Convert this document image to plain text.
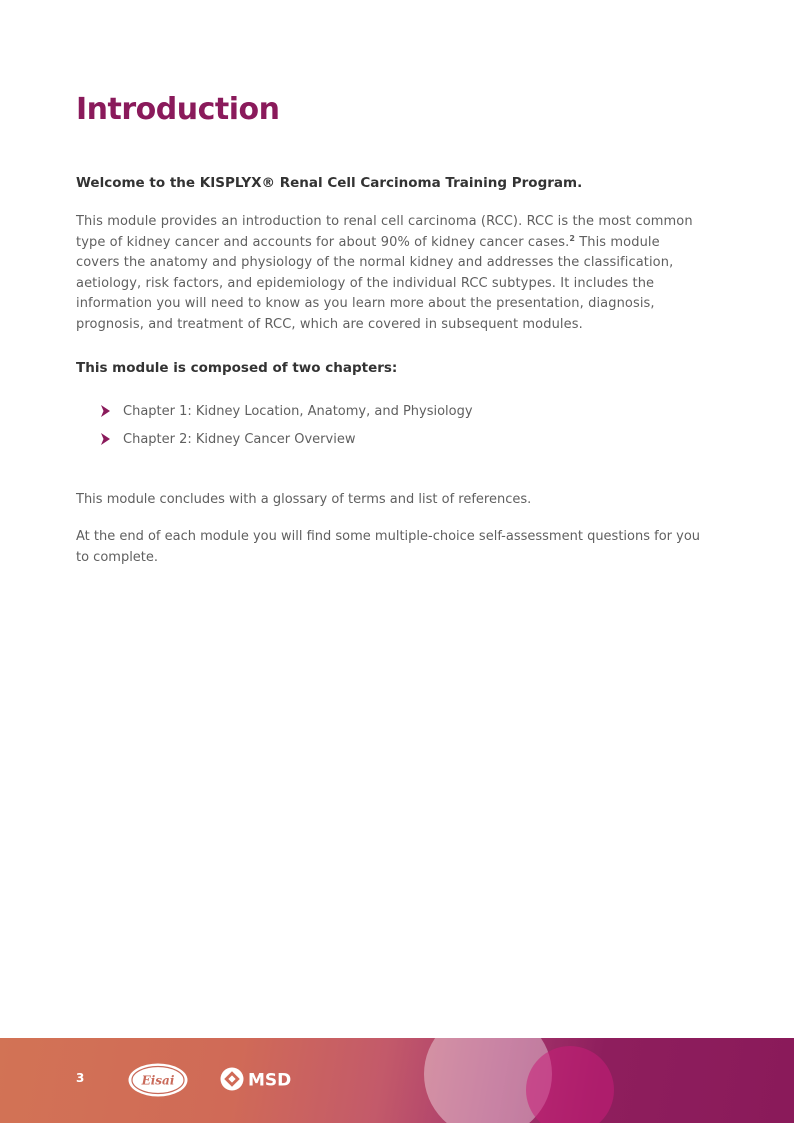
Introduction

Welcome to the KISPLYX® Renal Cell Carcinoma Training Program.

This module provides an introduction to renal cell carcinoma (RCC). RCC is the most common type of kidney cancer and accounts for about 90% of kidney cancer cases.$^2$ This module covers the anatomy and physiology of the normal kidney and addresses the classification, aetiology, risk factors, and epidemiology of the individual RCC subtypes. It includes the information you will need to know as you learn more about the presentation, diagnosis, prognosis, and treatment of RCC, which are covered in subsequent modules.

This module is composed of two chapters:

Chapter 1: Kidney Location, Anatomy, and Physiology
Chapter 2: Kidney Cancer Overview

This module concludes with a glossary of terms and list of references.

At the end of each module you will find some multiple-choice self-assessment questions for you to complete.

3	Eisai	MSD
